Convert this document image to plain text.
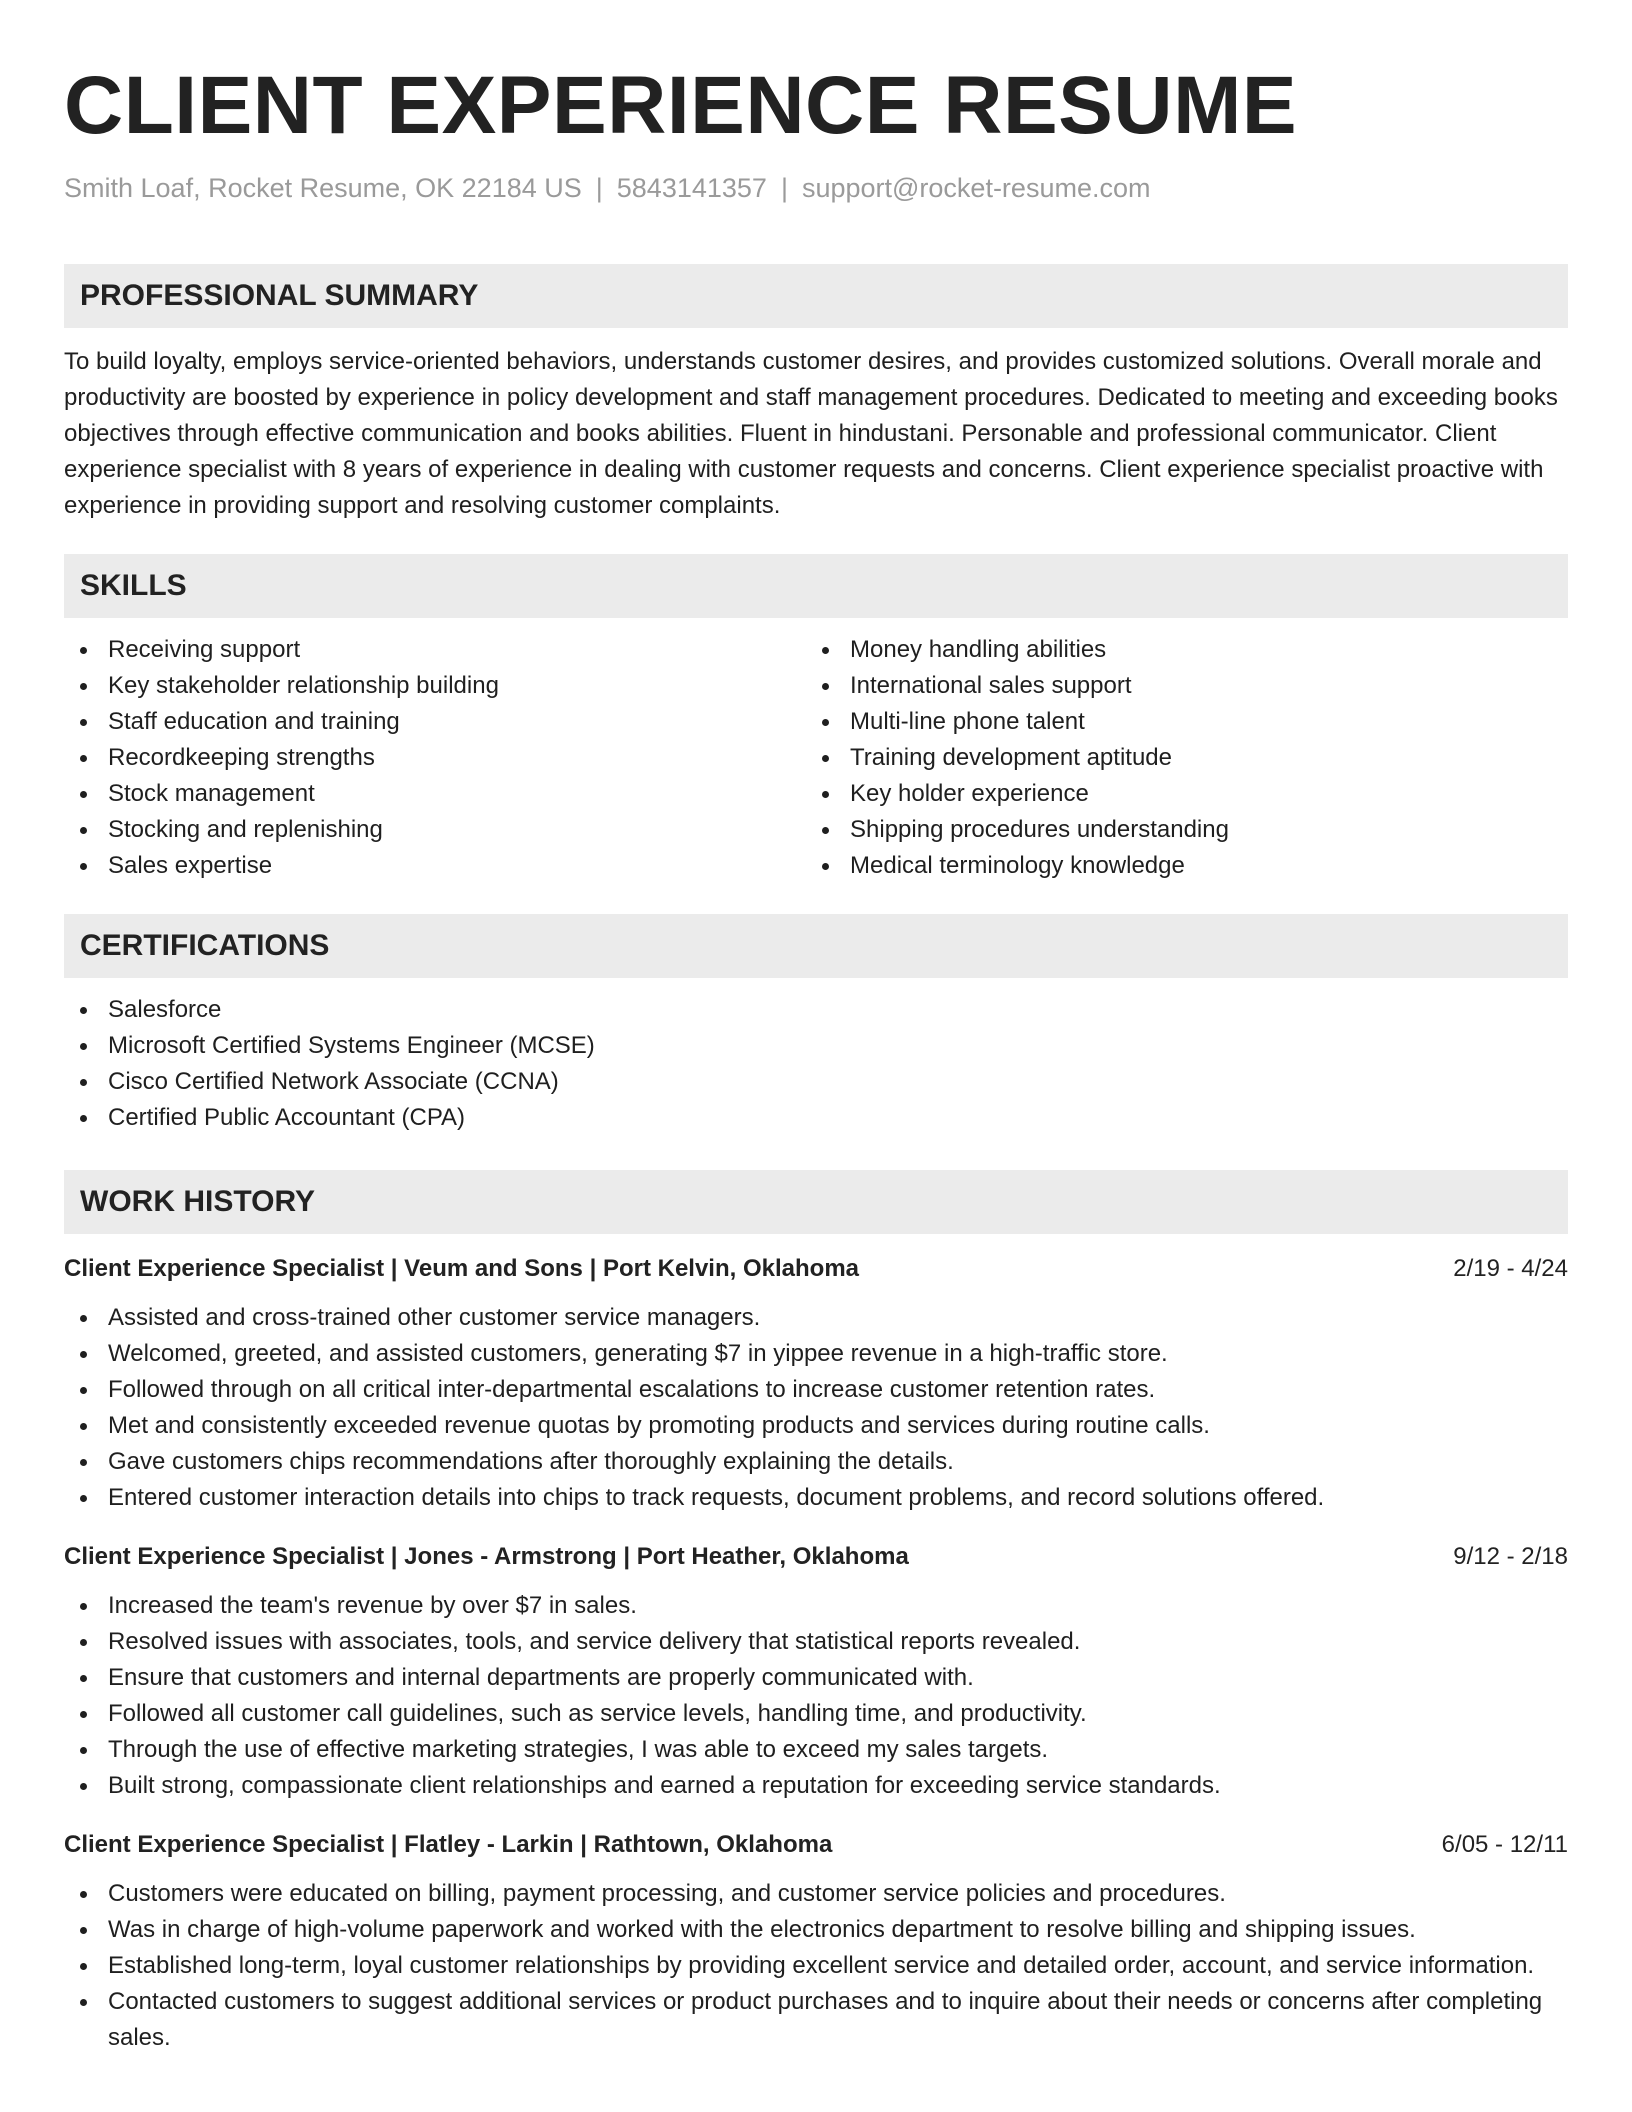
CLIENT EXPERIENCE RESUME
Smith Loaf, Rocket Resume, OK 22184 US | 5843141357 | support@rocket-resume.com
PROFESSIONAL SUMMARY
To build loyalty, employs service-oriented behaviors, understands customer desires, and provides customized solutions. Overall morale and productivity are boosted by experience in policy development and staff management procedures. Dedicated to meeting and exceeding books objectives through effective communication and books abilities. Fluent in hindustani. Personable and professional communicator. Client experience specialist with 8 years of experience in dealing with customer requests and concerns. Client experience specialist proactive with experience in providing support and resolving customer complaints.
SKILLS
Receiving support
Key stakeholder relationship building
Staff education and training
Recordkeeping strengths
Stock management
Stocking and replenishing
Sales expertise
Money handling abilities
International sales support
Multi-line phone talent
Training development aptitude
Key holder experience
Shipping procedures understanding
Medical terminology knowledge
CERTIFICATIONS
Salesforce
Microsoft Certified Systems Engineer (MCSE)
Cisco Certified Network Associate (CCNA)
Certified Public Accountant (CPA)
WORK HISTORY
Client Experience Specialist | Veum and Sons | Port Kelvin, Oklahoma	2/19 - 4/24
Assisted and cross-trained other customer service managers.
Welcomed, greeted, and assisted customers, generating $7 in yippee revenue in a high-traffic store.
Followed through on all critical inter-departmental escalations to increase customer retention rates.
Met and consistently exceeded revenue quotas by promoting products and services during routine calls.
Gave customers chips recommendations after thoroughly explaining the details.
Entered customer interaction details into chips to track requests, document problems, and record solutions offered.
Client Experience Specialist | Jones - Armstrong | Port Heather, Oklahoma	9/12 - 2/18
Increased the team's revenue by over $7 in sales.
Resolved issues with associates, tools, and service delivery that statistical reports revealed.
Ensure that customers and internal departments are properly communicated with.
Followed all customer call guidelines, such as service levels, handling time, and productivity.
Through the use of effective marketing strategies, I was able to exceed my sales targets.
Built strong, compassionate client relationships and earned a reputation for exceeding service standards.
Client Experience Specialist | Flatley - Larkin | Rathtown, Oklahoma	6/05 - 12/11
Customers were educated on billing, payment processing, and customer service policies and procedures.
Was in charge of high-volume paperwork and worked with the electronics department to resolve billing and shipping issues.
Established long-term, loyal customer relationships by providing excellent service and detailed order, account, and service information.
Contacted customers to suggest additional services or product purchases and to inquire about their needs or concerns after completing sales.
